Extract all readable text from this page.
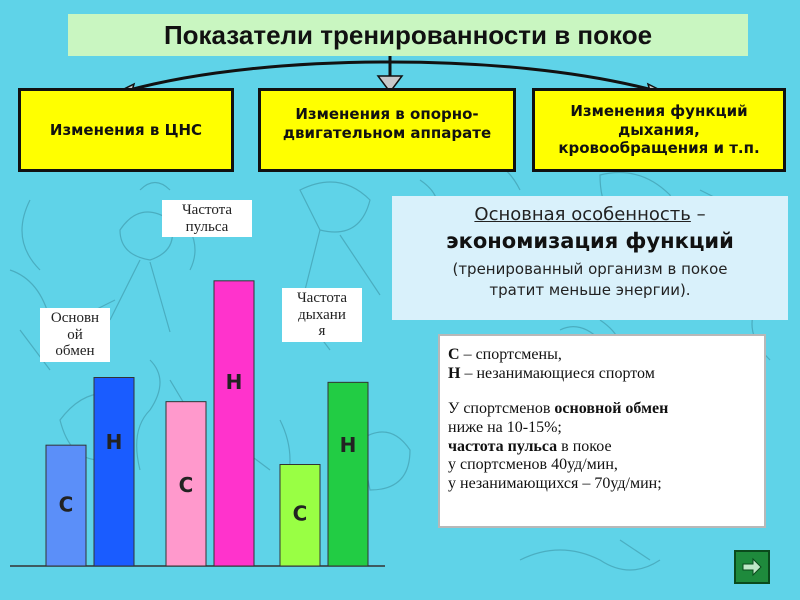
Показатели тренированности в покое
Изменения в ЦНС
Изменения в опорно-
двигательном аппарате
Изменения функций
дыхания,
кровообращения и т.п.
Основная особенность –
экономизация функций
(тренированный организм в покое
тратит меньше энергии).
С – спортсмены,
Н – незанимающиеся спортом
У спортсменов основной обмен
ниже на 10-15%;
частота пульса в покое
у спортсменов 40уд/мин,
у незанимающихся – 70уд/мин;
С
Н
С
Н
С
Н
Основн
ой
обмен
Частота
пульса
Частота
дыхани
я
